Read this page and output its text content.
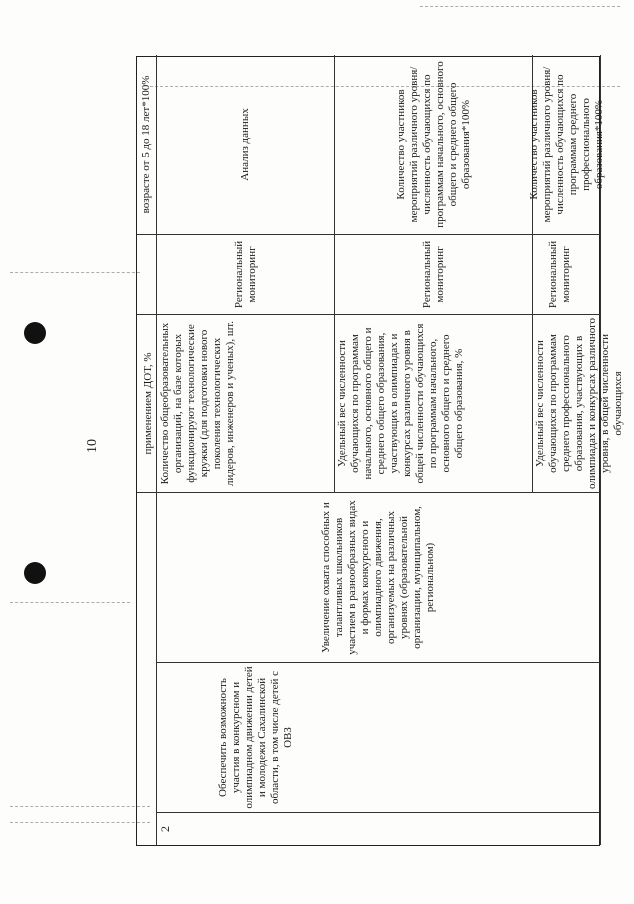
10	применением ДОТ, %
возрасте от 5 до 18 лет*100%
2
Обеспечить возможность участия в конкурсном и олимпиадном движении детей и молодежи Сахалинской области, в том числе детей с ОВЗ
Увеличение охвата способных и талантливых школьников участием в разнообразных видах и формах конкурсного и олимпиадного движения, организуемых на различных уровнях (образовательной организации, муниципальном, региональном)
Количество общеобразовательных организаций, на базе которых функционируют технологические кружки (для подготовки нового поколения технологических лидеров, инженеров и ученых), шт.
Региональный мониторинг
Анализ данных
Удельный вес численности обучающихся по программам начального, основного общего и среднего общего образования, участвующих в олимпиадах и конкурсах различного уровня в общей численности обучающихся по программам начального, основного общего и среднего общего образования, %
Региональный мониторинг
Количество участников мероприятий различного уровня/ численность обучающихся по программам начального, основного общего и среднего общего образования*100%
Удельный вес численности обучающихся по программам среднего профессионального образования, участвующих в олимпиадах и конкурсах различного уровня, в общей численности обучающихся
Региональный мониторинг
Количество участников мероприятий различного уровня/ численность обучающихся по программам среднего профессионального образования*100%
